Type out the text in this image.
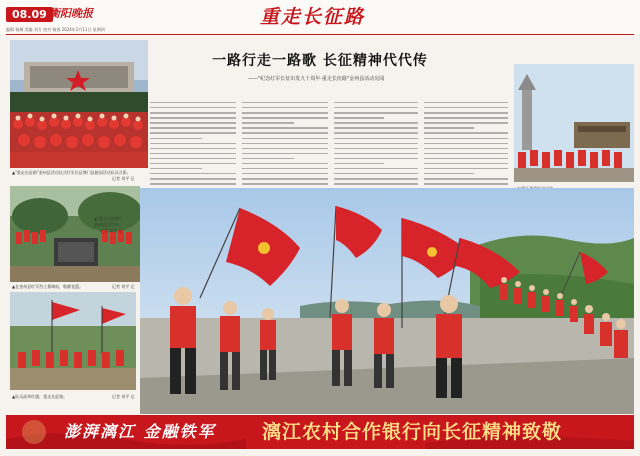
08.09 衡阳晚报
编辑 杨炯 美编 刘方 校对 杨逸 2024年1月11日 星期四
重走长征路
一路行走一路歌 长征精神代代传
——"纪念红军长征出发九十周年·重走长征路"金州县活动见闻
▲"重走长征路"金州县活动仪式红军长征博门县陵园活动队员合影。
记者 刘平 记
▲"重走长征路"
金州县活动中。
记者 刘平 记
▲在金州县红军烈士墓碑前，敬献花篮。	记者 刘平 记
▲队员高举红旗，重走长征路。	记者 刘平 记
澎湃漓江 金融铁军 漓江农村合作银行向长征精神致敬
